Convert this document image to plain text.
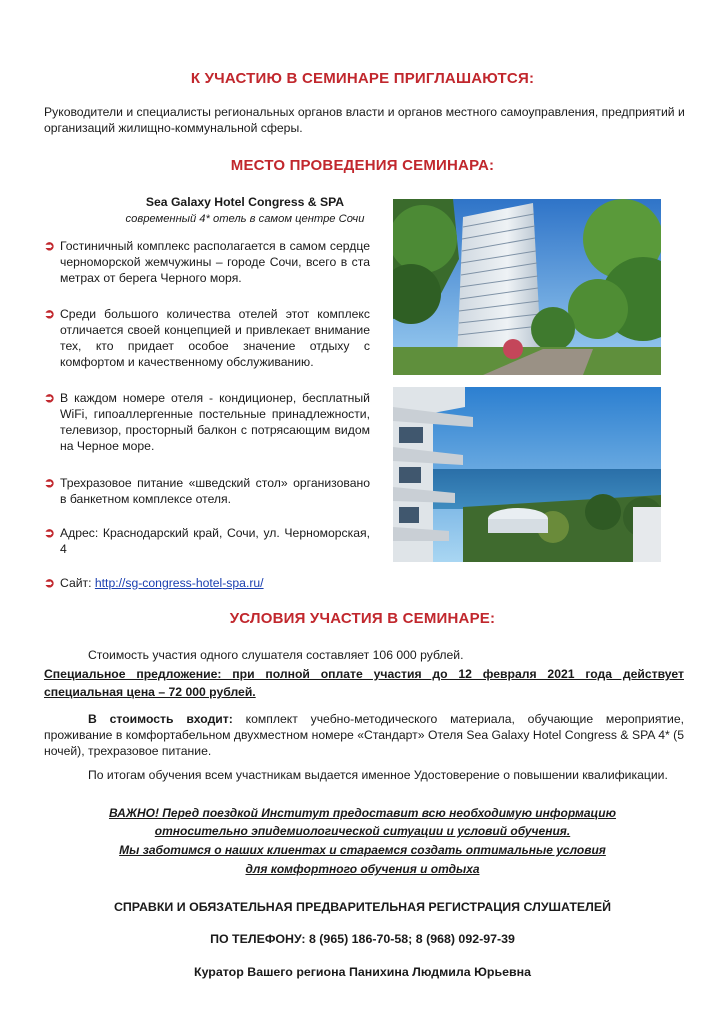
К УЧАСТИЮ В СЕМИНАРЕ ПРИГЛАШАЮТСЯ:
Руководители и специалисты региональных органов власти и органов местного самоуправления, предприятий и
организаций жилищно-коммунальной сферы.
МЕСТО ПРОВЕДЕНИЯ СЕМИНАРА:
Sea Galaxy Hotel Congress & SPA
современный 4* отель в самом центре Сочи
➲ Гостиничный комплекс располагается в самом сердце черноморской жемчужины – городе Сочи, всего в ста метрах от берега Черного моря.
➲ Среди большого количества отелей этот комплекс отличается своей концепцией и привлекает внимание тех, кто придает особое значение отдыху с комфортом и качественному обслуживанию.
➲ В каждом номере отеля - кондиционер, бесплатный WiFi, гипоаллергенные постельные принадлежности, телевизор, просторный балкон с потрясающим видом на Черное море.
➲ Трехразовое питание «шведский стол» организовано в банкетном комплексе отеля.
➲ Адрес: Краснодарский край, Сочи, ул. Черноморская, 4
➲ Сайт: http://sg-congress-hotel-spa.ru/
УСЛОВИЯ УЧАСТИЯ В СЕМИНАРЕ:
Стоимость участия одного слушателя составляет 106 000 рублей.
Специальное предложение: при полной оплате участия до 12 февраля 2021 года действует
специальная цена – 72 000 рублей.
В стоимость входит: комплект учебно-методического материала, обучающие мероприятие, проживание в комфортабельном двухместном номере «Стандарт» Отеля Sea Galaxy Hotel Congress & SPA 4* (5 ночей), трехразовое питание.
По итогам обучения всем участникам выдается именное Удостоверение о повышении квалификации.
ВАЖНО! Перед поездкой Институт предоставит всю необходимую информацию
относительно эпидемиологической ситуации и условий обучения.
Мы заботимся о наших клиентах и стараемся создать оптимальные условия
для комфортного обучения и отдыха
СПРАВКИ И ОБЯЗАТЕЛЬНАЯ ПРЕДВАРИТЕЛЬНАЯ РЕГИСТРАЦИЯ СЛУШАТЕЛЕЙ
ПО ТЕЛЕФОНУ: 8 (965) 186-70-58; 8 (968) 092-97-39
Куратор Вашего региона Панихина Людмила Юрьевна
